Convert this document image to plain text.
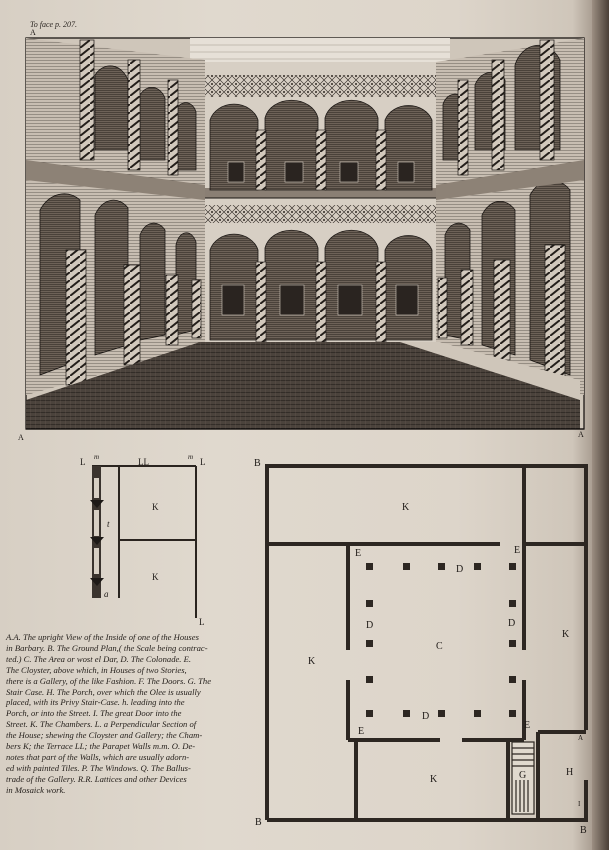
To face p. 207.
A
A	A
L m	LL	m L
K
t
K
a
L
B
B
B
K
K
K
K
E	E
E
E
D
D	D
D
C
A
G	H
I
A.A. The upright View of the Inside of one of the Houses
in Barbary. B. The Ground Plan,( the Scale being contrac-
ted.) C. The Area or wost el Dar, D. The Colonade. E.
The Cloyster, above which, in Houses of two Stories,
there is a Gallery, of the like Fashion. F. The Doors. G. The
Stair Case. H. The Porch, over which the Olee is usually
placed, with its Privy Stair-Case. h. leading into the
Porch, or into the Street. I. The great Door into the
Street. K. The Chambers. L. a Perpendicular Section of
the House; shewing the Cloyster and Gallery; the Cham-
bers K; the Terrace LL; the Parapet Walls m.m. O. De-
notes that part of the Walls, which are usually adorn-
ed with painted Tiles. P. The Windows. Q. The Ballus-
trade of the Gallery. R.R. Lattices and other Devices
in Mosaick work.
